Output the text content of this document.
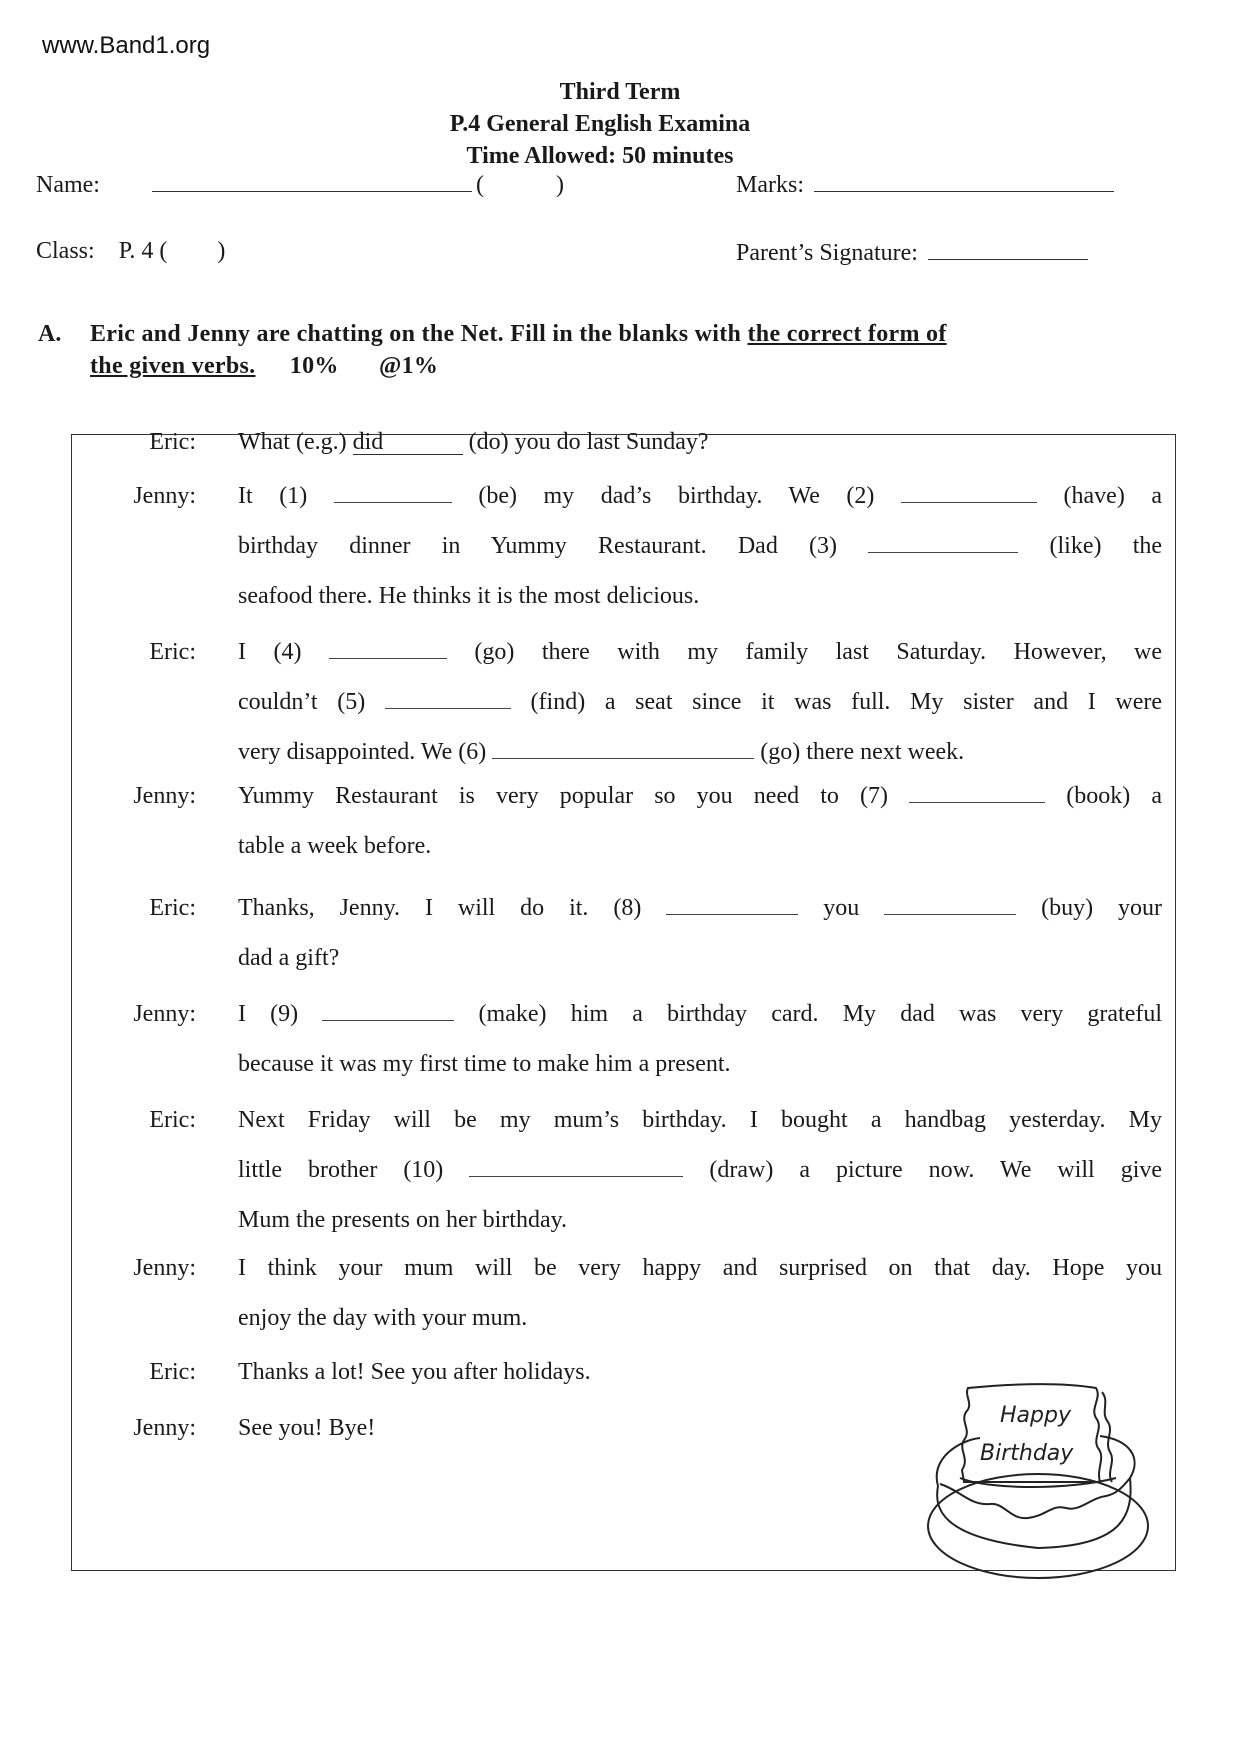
www.Band1.org
Third Term
P.4 General English Examina
Time Allowed: 50 minutes
Name:	(	)	Marks:
Class: P. 4 ( )	Parent’s Signature:
A. Eric and Jenny are chatting on the Net. Fill in the blanks with the correct form of
the given verbs. 10% @1%
Eric: What (e.g.) did	(do) you do last Sunday?
Jenny: It (1)	(be) my dad’s birthday. We (2)	(have) a
birthday dinner in Yummy Restaurant. Dad (3)	(like) the
seafood there. He thinks it is the most delicious.
Eric: I (4)	(go) there with my family last Saturday. However, we
couldn’t (5)	(find) a seat since it was full. My sister and I were
very disappointed. We (6)	(go) there next week.
Jenny: Yummy Restaurant is very popular so you need to (7)	(book) a
table a week before.
Eric: Thanks, Jenny. I will do it. (8)	you	(buy) your
dad a gift?
Jenny: I (9)	(make) him a birthday card. My dad was very grateful
because it was my first time to make him a present.
Eric: Next Friday will be my mum’s birthday. I bought a handbag yesterday. My
little brother (10)	(draw) a picture now. We will give
Mum the presents on her birthday.
Jenny: I think your mum will be very happy and surprised on that day. Hope you
enjoy the day with your mum.
Eric: Thanks a lot! See you after holidays.
Jenny: See you! Bye!	Happy
Birthday
